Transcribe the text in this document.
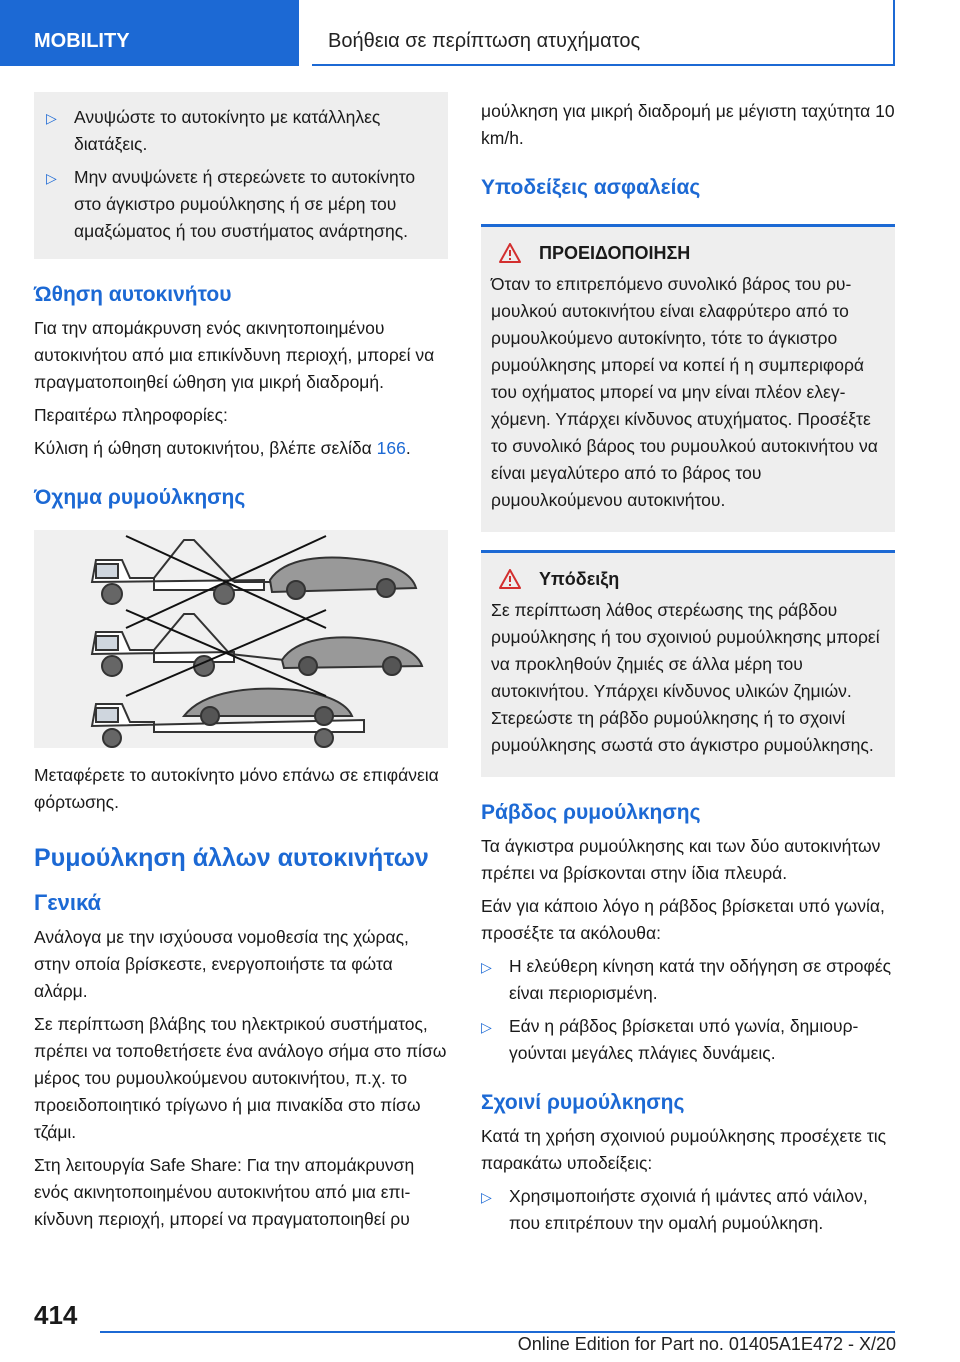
MOBILITY	Βοήθεια σε περίπτωση ατυχήματος
▷ Ανυψώστε το αυτοκίνητο με κατάλληλες διατάξεις.
▷ Μην ανυψώνετε ή στερεώνετε το αυτοκίνητο στο άγκιστρο ρυμούλκησης ή σε μέρη του αμαξώματος ή του συστήματος ανάρτησης.
Ώθηση αυτοκινήτου

Για την απομάκρυνση ενός ακινητοποιημένου αυτοκινήτου από μια επικίνδυνη περιοχή, μπορεί να πραγματοποιηθεί ώθηση για μικρή διαδρομή.

Περαιτέρω πληροφορίες:

Κύλιση ή ώθηση αυτοκινήτου, βλέπε σελίδα 166.

Όχημα ρυμούλκησης

Μεταφέρετε το αυτοκίνητο μόνο επάνω σε επιφάνεια φόρτωσης.

Ρυμούλκηση άλλων αυτοκινήτων
Γενικά

Ανάλογα με την ισχύουσα νομοθεσία της χώρας, στην οποία βρίσκεστε, ενεργοποιήστε τα φώτα αλάρμ.

Σε περίπτωση βλάβης του ηλεκτρικού συστήματος, πρέπει να τοποθετήσετε ένα ανάλογο σήμα στο πίσω μέρος του ρυμουλκούμενου αυτοκινήτου, π.χ. το προειδοποιητικό τρίγωνο ή μια πινακίδα στο πίσω τζάμι.

Στη λειτουργία Safe Share: Για την απομάκρυνση ενός ακινητοποιημένου αυτοκινήτου από μια επικίνδυνη περιοχή, μπορεί να πραγματοποιηθεί ρυ

μούλκηση για μικρή διαδρομή με μέγιστη ταχύτητα 10 km/h.

Υποδείξεις ασφαλείας
ΠΡΟΕΙΔΟΠΟΙΗΣΗ

Όταν το επιτρεπόμενο συνολικό βάρος του ρυμουλκού αυτοκινήτου είναι ελαφρύτερο από το ρυμουλκούμενο αυτοκίνητο, τότε το άγκιστρο ρυμούλκησης μπορεί να κοπεί ή η συμπεριφορά του οχήματος μπορεί να μην είναι πλέον ελεγχόμενη. Υπάρχει κίνδυνος ατυχήματος. Προσέξτε το συνολικό βάρος του ρυμουλκού αυτοκινήτου να είναι μεγαλύτερο από το βάρος του ρυμουλκούμενου αυτοκινήτου.

Υπόδειξη

Σε περίπτωση λάθος στερέωσης της ράβδου ρυμούλκησης ή του σχοινιού ρυμούλκησης μπορεί να προκληθούν ζημιές σε άλλα μέρη του αυτοκινήτου. Υπάρχει κίνδυνος υλικών ζημιών. Στερεώστε τη ράβδο ρυμούλκησης ή το σχοινί ρυμούλκησης σωστά στο άγκιστρο ρυμούλκησης.

Ράβδος ρυμούλκησης

Τα άγκιστρα ρυμούλκησης και των δύο αυτοκινήτων πρέπει να βρίσκονται στην ίδια πλευρά.

Εάν για κάποιο λόγο η ράβδος βρίσκεται υπό γωνία, προσέξτε τα ακόλουθα:

▷ Η ελεύθερη κίνηση κατά την οδήγηση σε στροφές είναι περιορισμένη.
▷ Εάν η ράβδος βρίσκεται υπό γωνία, δημιουργούνται μεγάλες πλάγιες δυνάμεις.
Σχοινί ρυμούλκησης

Κατά τη χρήση σχοινιού ρυμούλκησης προσέχετε τις παρακάτω υποδείξεις:

▷ Χρησιμοποιήστε σχοινιά ή ιμάντες από νάιλον, που επιτρέπουν την ομαλή ρυμούλκηση.
414
Online Edition for Part no. 01405A1E472 - X/20
